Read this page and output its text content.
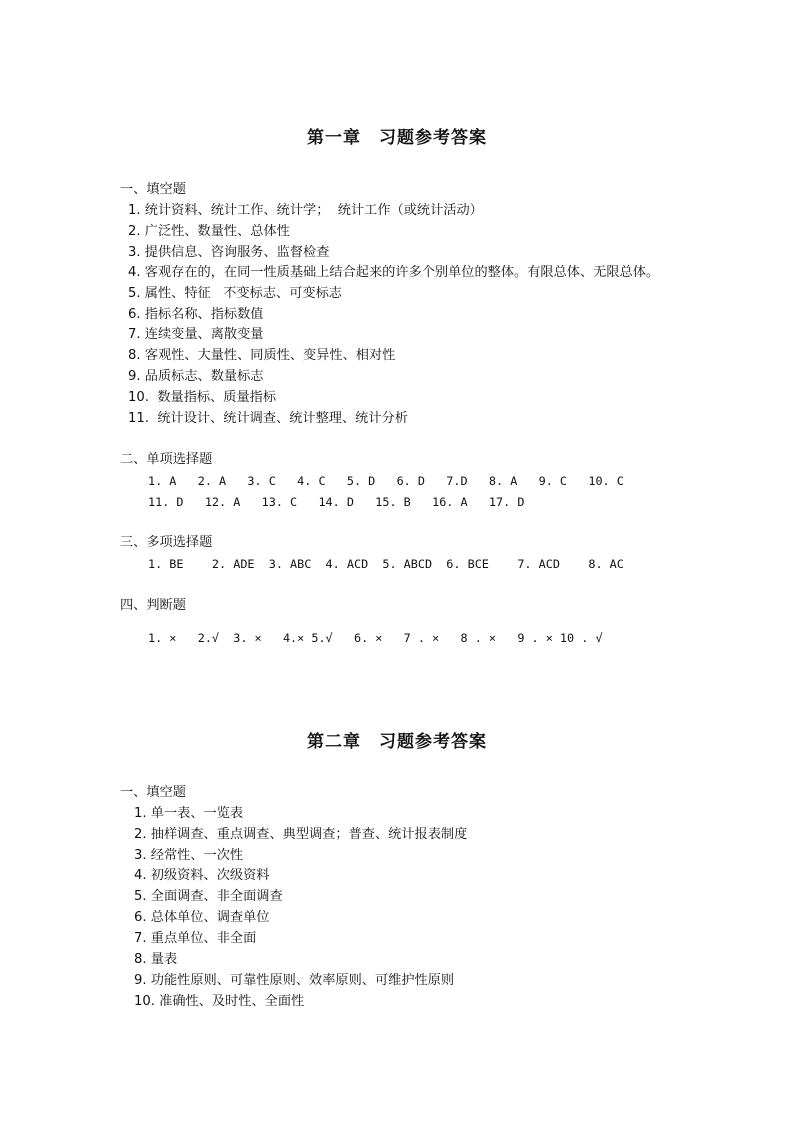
第一章　习题参考答案
一、填空题
1. 统计资料、统计工作、统计学；  统计工作（或统计活动）
2. 广泛性、数量性、总体性
3. 提供信息、咨询服务、监督检查
4. 客观存在的，在同一性质基础上结合起来的许多个别单位的整体。有限总体、无限总体。
5. 属性、特征   不变标志、可变标志
6. 指标名称、指标数值
7. 连续变量、离散变量
8. 客观性、大量性、同质性、变异性、相对性
9. 品质标志、数量标志
10.  数量指标、质量指标
11.  统计设计、统计调查、统计整理、统计分析
二、单项选择题
1. A   2. A   3. C   4. C   5. D   6. D   7.D   8. A   9. C   10. C
11. D   12. A   13. C   14. D   15. B   16. A   17. D
三、多项选择题
1. BE    2. ADE  3. ABC  4. ACD  5. ABCD  6. BCE    7. ACD    8. AC
四、判断题
1. ×   2.√  3. ×   4.× 5.√   6. ×   7 . ×   8 . ×   9 . × 10 . √
第二章　习题参考答案
一、填空题
1. 单一表、一览表
2. 抽样调查、重点调查、典型调查；普查、统计报表制度
3. 经常性、一次性
4. 初级资料、次级资料
5. 全面调查、非全面调查
6. 总体单位、调查单位
7. 重点单位、非全面
8. 量表
9. 功能性原则、可靠性原则、效率原则、可维护性原则
10. 准确性、及时性、全面性
